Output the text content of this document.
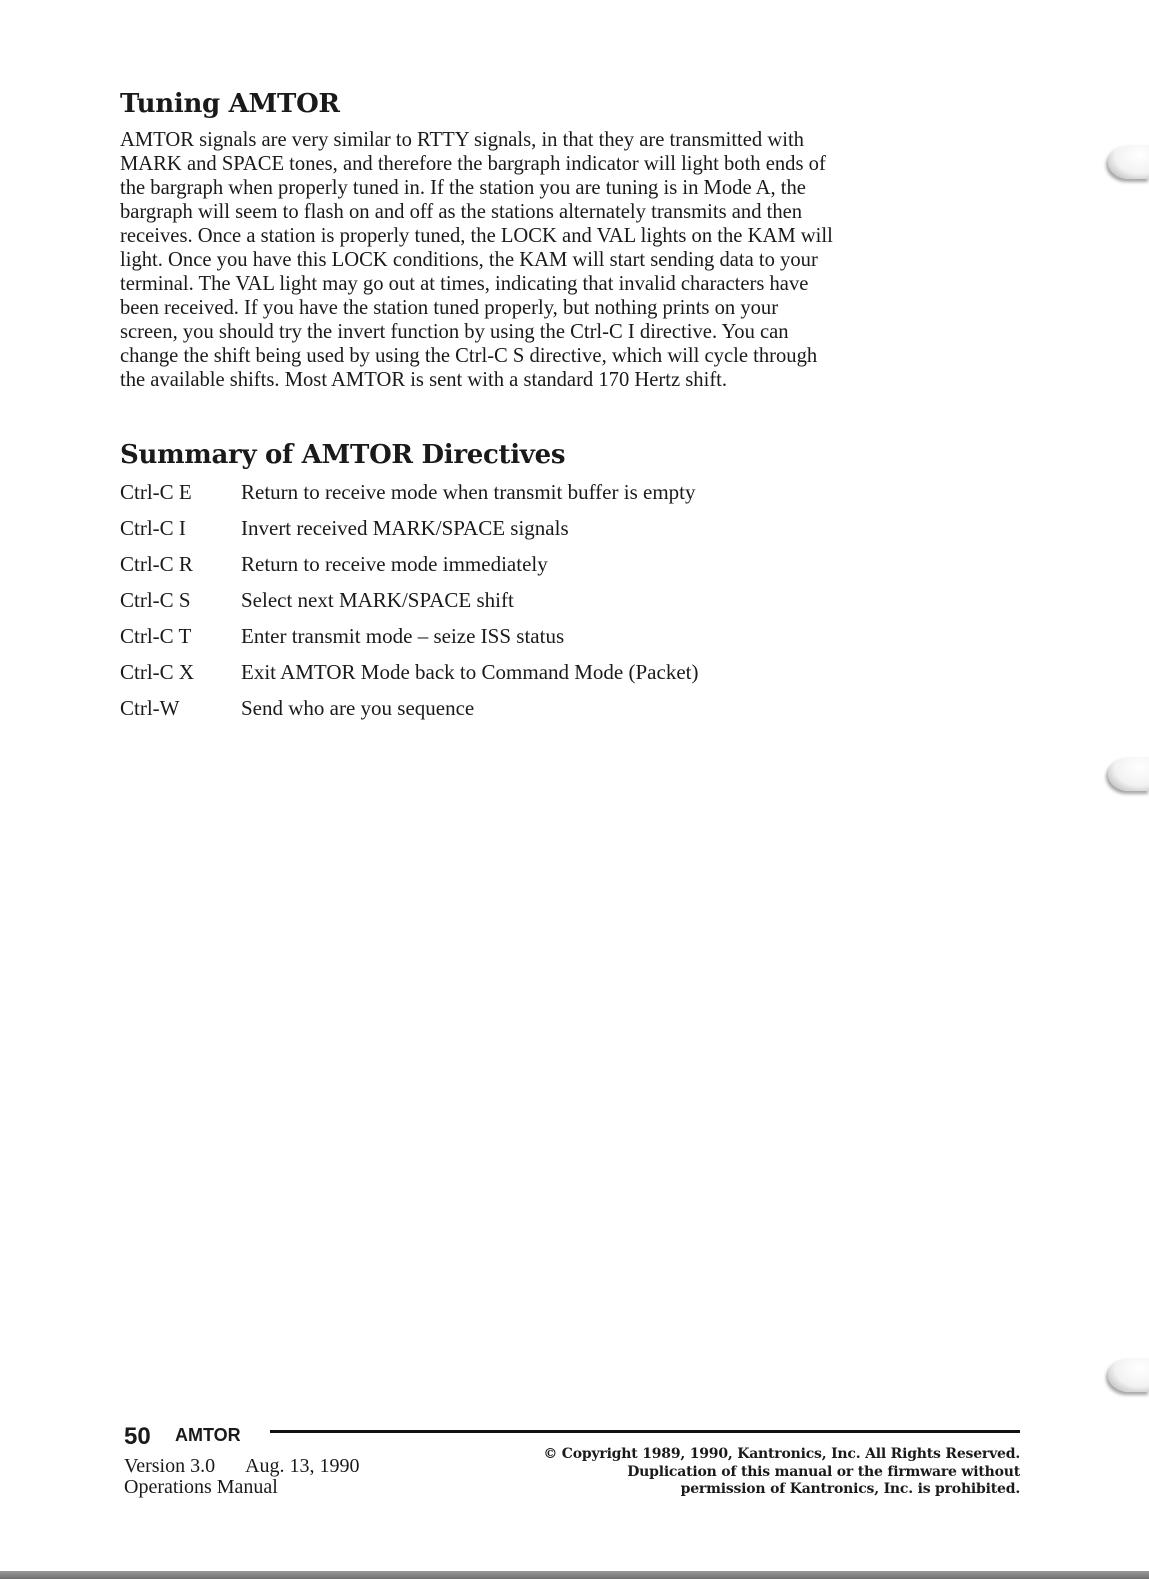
Tuning AMTOR

AMTOR signals are very similar to RTTY signals, in that they are transmitted with
MARK and SPACE tones, and therefore the bargraph indicator will light both ends of
the bargraph when properly tuned in. If the station you are tuning is in Mode A, the
bargraph will seem to flash on and off as the stations alternately transmits and then
receives. Once a station is properly tuned, the LOCK and VAL lights on the KAM will
light. Once you have this LOCK conditions, the KAM will start sending data to your
terminal. The VAL light may go out at times, indicating that invalid characters have
been received. If you have the station tuned properly, but nothing prints on your
screen, you should try the invert function by using the Ctrl-C I directive. You can
change the shift being used by using the Ctrl-C S directive, which will cycle through
the available shifts. Most AMTOR is sent with a standard 170 Hertz shift.

Summary of AMTOR Directives
Ctrl-C E Return to receive mode when transmit buffer is empty
Ctrl-C I	Invert received MARK/SPACE signals
Ctrl-C R Return to receive mode immediately
Ctrl-C S Select next MARK/SPACE shift
Ctrl-C T Enter transmit mode – seize ISS status
Ctrl-C X Exit AMTOR Mode back to Command Mode (Packet)
Ctrl-W	Send who are you sequence
50 AMTOR
Version 3.0 Aug. 13, 1990
Operations Manual
© Copyright 1989, 1990, Kantronics, Inc. All Rights Reserved.
Duplication of this manual or the firmware without
permission of Kantronics, Inc. is prohibited.
